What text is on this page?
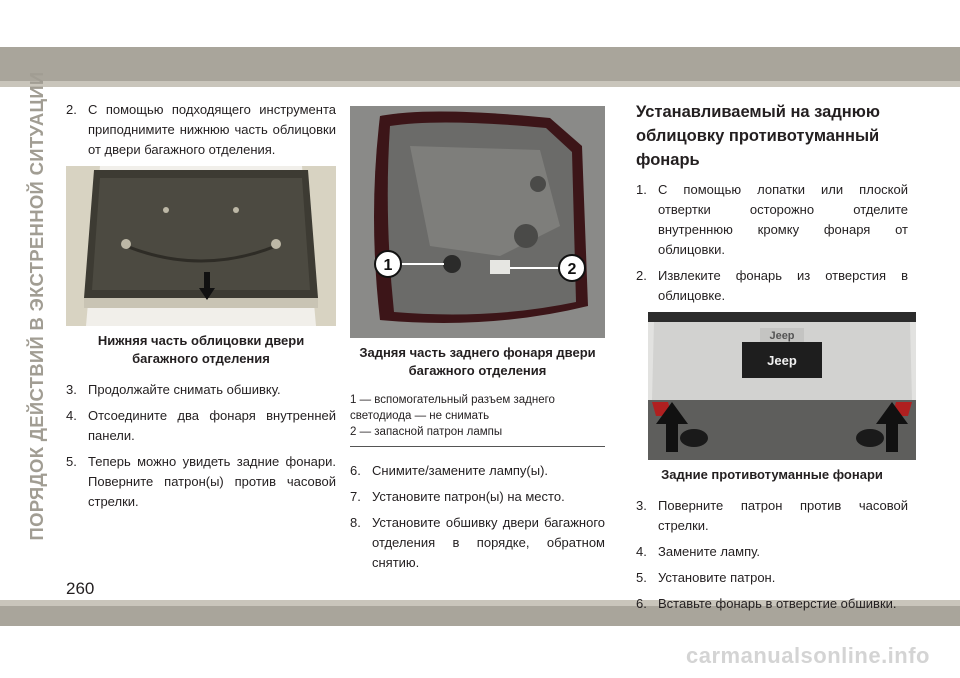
ПОРЯДОК ДЕЙСТВИЙ В ЭКСТРЕННОЙ СИТУАЦИИ 2. С помощью подходящего инструмента приподнимите нижнюю часть облицовки от двери багажного отделения.
Нижняя часть облицовки двери багажного отделения
3. Продолжайте снимать обшивку.
4. Отсоедините два фонаря внутренней панели.
5. Теперь можно увидеть задние фонари. Поверните патрон(ы) против часовой стрелки.
1	2
Задняя часть заднего фонаря двери багажного отделения
1 — вспомогательный разъем заднего светодиода — не снимать
2 — запасной патрон лампы
6. Снимите/замените лампу(ы).
7. Установите патрон(ы) на место.
8. Установите обшивку двери багажного отделения в порядке, обратном снятию.
Устанавливаемый на заднюю облицовку противотуманный фонарь
1. С помощью лопатки или плоской отвертки осторожно отделите внутреннюю кромку фонаря от облицовки.
2. Извлеките фонарь из отверстия в облицовке.
Jeep
Jeep
Задние противотуманные фонари
3. Поверните патрон против часовой стрелки.
4. Замените лампу.
5. Установите патрон.
6. Вставьте фонарь в отверстие обшивки.
260
carmanualsonline.info
